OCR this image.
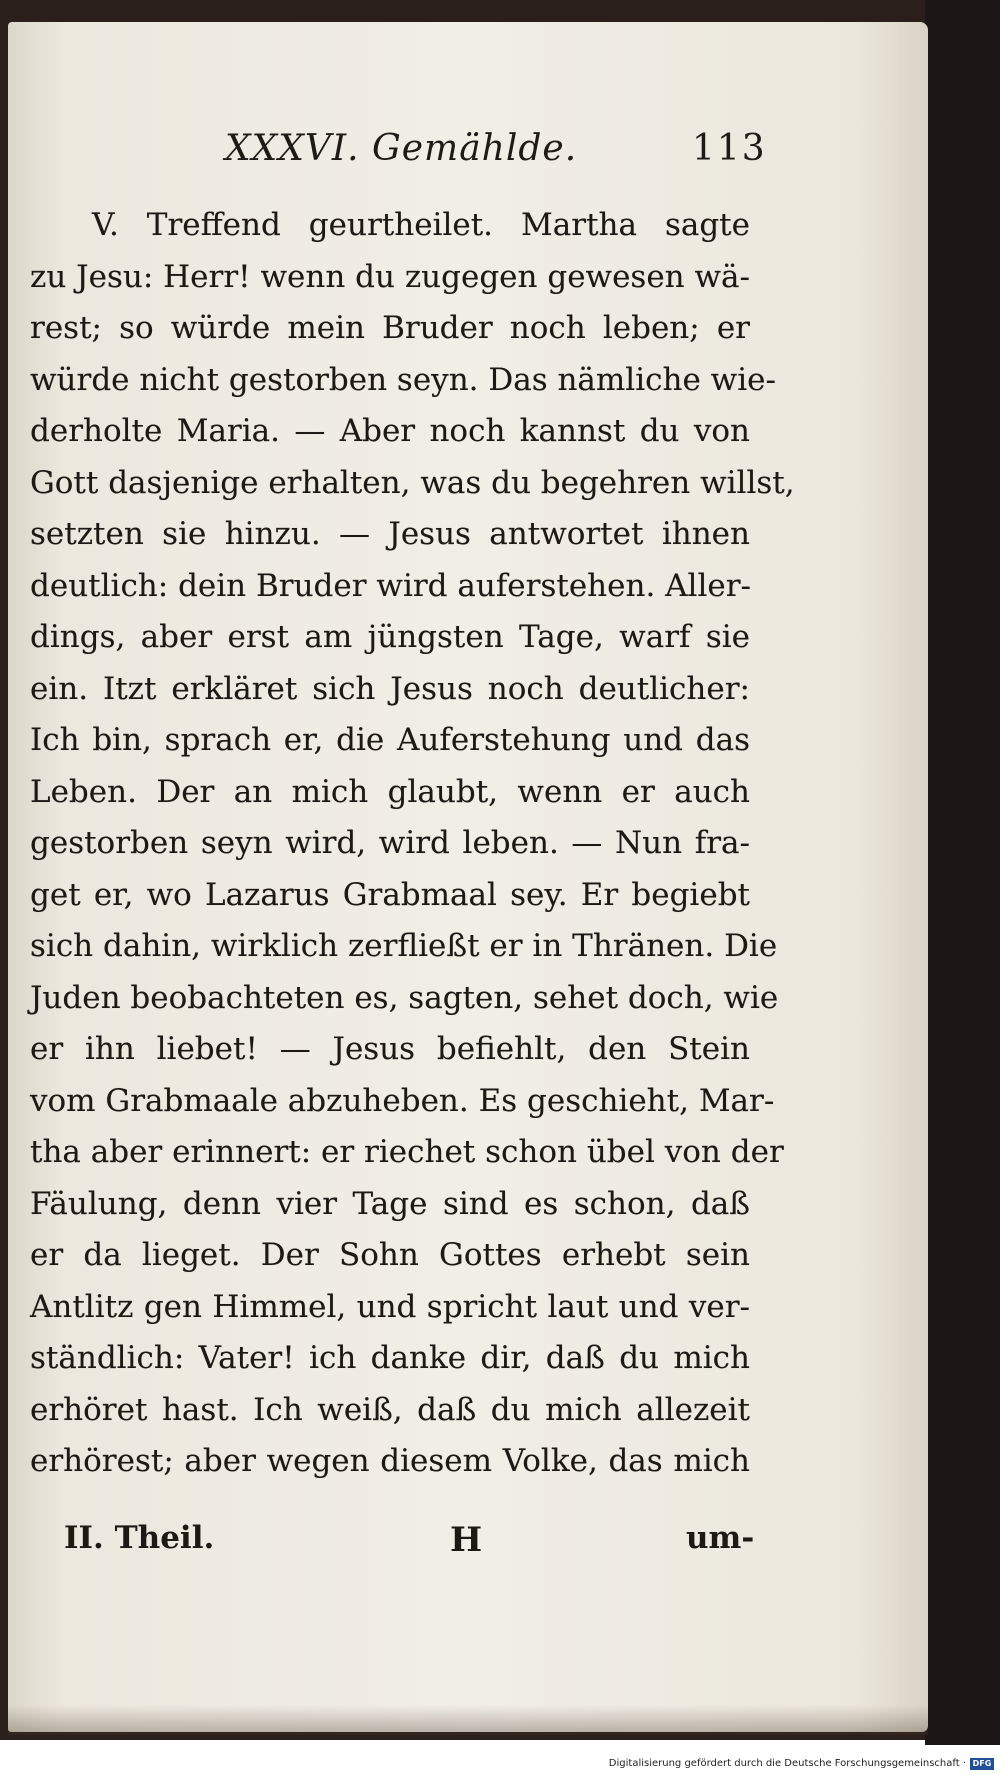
XXXVI. Gemählde.	113
V. Treffend geurtheilet. Martha sagte
zu Jesu: Herr! wenn du zugegen gewesen wä-
rest; so würde mein Bruder noch leben; er
würde nicht gestorben seyn. Das nämliche wie-
derholte Maria. — Aber noch kannst du von
Gott dasjenige erhalten, was du begehren willst,
setzten sie hinzu. — Jesus antwortet ihnen
deutlich: dein Bruder wird auferstehen. Aller-
dings, aber erst am jüngsten Tage, warf sie
ein. Itzt erkläret sich Jesus noch deutlicher:
Ich bin, sprach er, die Auferstehung und das
Leben. Der an mich glaubt, wenn er auch
gestorben seyn wird, wird leben. — Nun fra-
get er, wo Lazarus Grabmaal sey. Er begiebt
sich dahin, wirklich zerfließt er in Thränen. Die
Juden beobachteten es, sagten, sehet doch, wie
er ihn liebet! — Jesus befiehlt, den Stein
vom Grabmaale abzuheben. Es geschieht, Mar-
tha aber erinnert: er riechet schon übel von der
Fäulung, denn vier Tage sind es schon, daß
er da lieget. Der Sohn Gottes erhebt sein
Antlitz gen Himmel, und spricht laut und ver-
ständlich: Vater! ich danke dir, daß du mich
erhöret hast. Ich weiß, daß du mich allezeit
erhörest; aber wegen diesem Volke, das mich
II. Theil.	H	um-
Digitalisierung gefördert durch die Deutsche Forschungsgemeinschaft · DFG
